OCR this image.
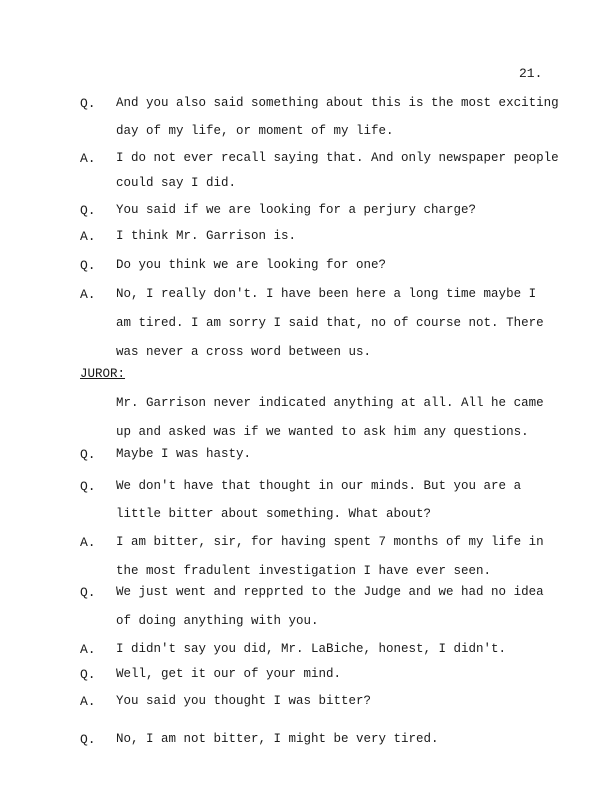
21.
JUROR:
Q. And you also said something about this is the most exciting
day of my life, or moment of my life.
A. I do not ever recall saying that. And only newspaper people
could say I did.
Q. You said if we are looking for a perjury charge?
A. I think Mr. Garrison is.
Q. Do you think we are looking for one?
A. No, I really don't. I have been here a long time maybe I
am tired. I am sorry I said that, no of course not. There
was never a cross word between us.
Mr. Garrison never indicated anything at all. All he came
up and asked was if we wanted to ask him any questions.
Q. Maybe I was hasty.
Q. We don't have that thought in our minds. But you are a
little bitter about something. What about?
A. I am bitter, sir, for having spent 7 months of my life in
the most fradulent investigation I have ever seen.
Q. We just went and repprted to the Judge and we had no idea
of doing anything with you.
A. I didn't say you did, Mr. LaBiche, honest, I didn't.
Q. Well, get it our of your mind.
A. You said you thought I was bitter?
Q. No, I am not bitter, I might be very tired.
